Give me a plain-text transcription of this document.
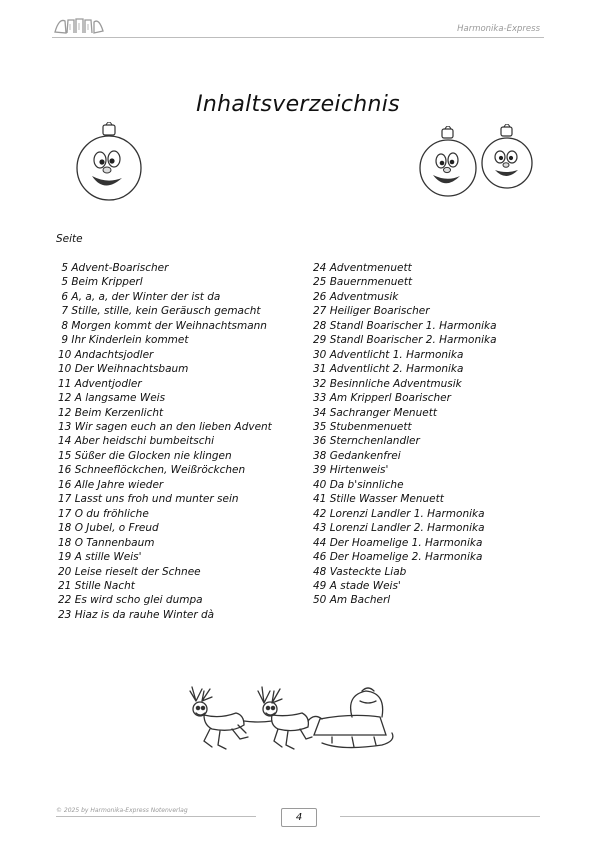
Harmonika-Express
Inhaltsverzeichnis
Seite
5 Advent-Boarischer
5 Beim Kripperl
6 A, a, a, der Winter der ist da
7 Stille, stille, kein Geräusch gemacht
8 Morgen kommt der Weihnachtsmann
9 Ihr Kinderlein kommet
10 Andachtsjodler
10 Der Weihnachtsbaum
11 Adventjodler
12 A langsame Weis
12 Beim Kerzenlicht
13 Wir sagen euch an den lieben Advent
14 Aber heidschi bumbeitschi
15 Süßer die Glocken nie klingen
16 Schneeflöckchen, Weißröckchen
16 Alle Jahre wieder
17 Lasst uns froh und munter sein
17 O du fröhliche
18 O Jubel, o Freud
18 O Tannenbaum
19 A stille Weis'
20 Leise rieselt der Schnee
21 Stille Nacht
22 Es wird scho glei dumpa
23 Hiaz is da rauhe Winter dà
24 Adventmenuett
25 Bauernmenuett
26 Adventmusik
27 Heiliger Boarischer
28 Standl Boarischer 1. Harmonika
29 Standl Boarischer 2. Harmonika
30 Adventlicht 1. Harmonika
31 Adventlicht 2. Harmonika
32 Besinnliche Adventmusik
33 Am Kripperl Boarischer
34 Sachranger Menuett
35 Stubenmenuett
36 Sternchenlandler
38 Gedankenfrei
39 Hirtenweis'
40 Da b'sinnliche
41 Stille Wasser Menuett
42 Lorenzi Landler 1. Harmonika
43 Lorenzi Landler 2. Harmonika
44 Der Hoamelige 1. Harmonika
46 Der Hoamelige 2. Harmonika
48 Vasteckte Liab
49 A stade Weis'
50 Am Bacherl
© 2025 by Harmonika-Express Notenverlag
4
